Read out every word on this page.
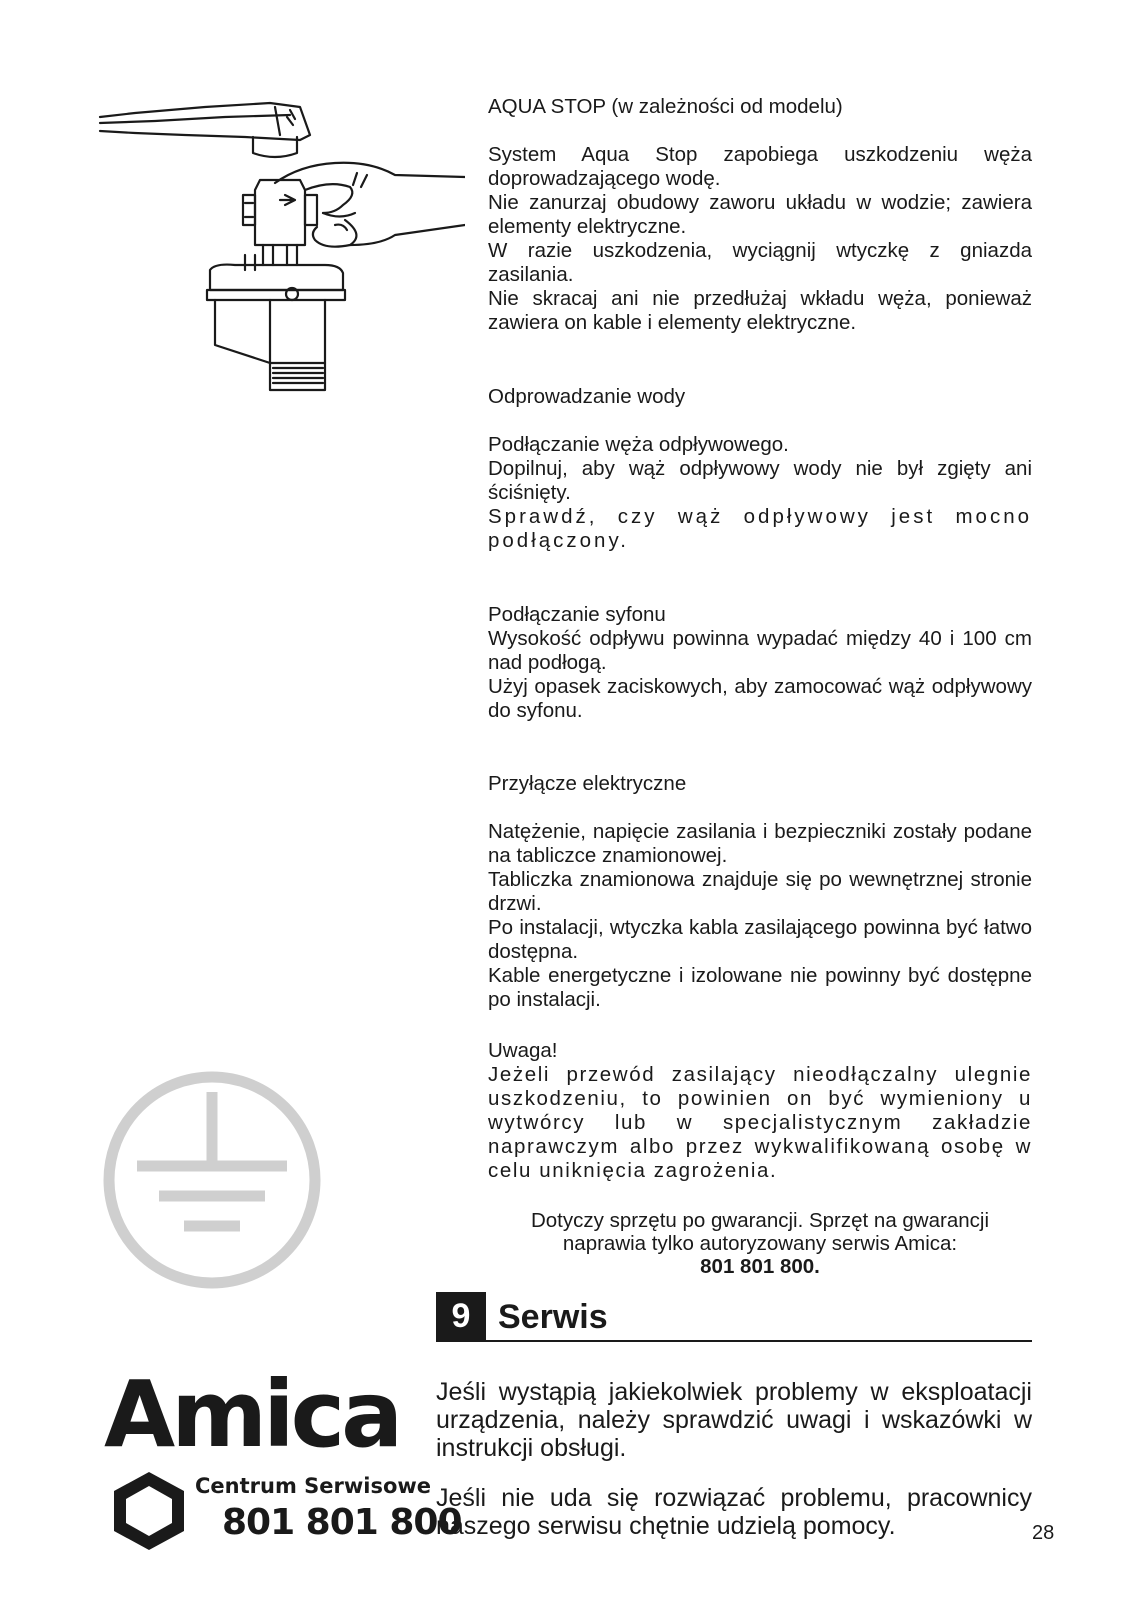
AQUA STOP (w zależności od modelu)

System Aqua Stop zapobiega uszkodzeniu węża doprowadzającego wodę.

Nie zanurzaj obudowy zaworu układu w wodzie; zawiera elementy elektryczne.

W razie uszkodzenia, wyciągnij wtyczkę z gniazda zasilania.

Nie skracaj ani nie przedłużaj wkładu węża, ponieważ zawiera on kable i elementy elektryczne.

Odprowadzanie wody

Podłączanie węża odpływowego.

Dopilnuj, aby wąż odpływowy wody nie był zgięty ani ściśnięty.

Sprawdź, czy wąż odpływowy jest mocno podłączony.

Podłączanie syfonu

Wysokość odpływu powinna wypadać między 40 i 100 cm nad podłogą.

Użyj opasek zaciskowych, aby zamocować wąż odpływowy do syfonu.

Przyłącze elektryczne

Natężenie, napięcie zasilania i bezpieczniki zostały podane na tabliczce znamionowej.

Tabliczka znamionowa znajduje się po wewnętrznej stronie drzwi.

Po instalacji, wtyczka kabla zasilającego powinna być łatwo dostępna.

Kable energetyczne i izolowane nie powinny być dostępne po instalacji.

Uwaga!

Jeżeli przewód zasilający nieodłączalny ulegnie uszkodzeniu, to powinien on być wymieniony u wytwórcy lub w specjalistycznym zakładzie naprawczym albo przez wykwalifikowaną osobę w celu uniknięcia zagrożenia.

Dotyczy sprzętu po gwarancji. Sprzęt na gwarancji naprawia tylko autoryzowany serwis Amica:
801 801 800.
9 Serwis

Jeśli wystąpią jakiekolwiek problemy w eksploatacji urządzenia, należy sprawdzić uwagi i wskazówki w instrukcji obsługi.

Jeśli nie uda się rozwiązać problemu, pracownicy naszego serwisu chętnie udzielą pomocy.

Amica
Centrum Serwisowe
801 801 800	28
